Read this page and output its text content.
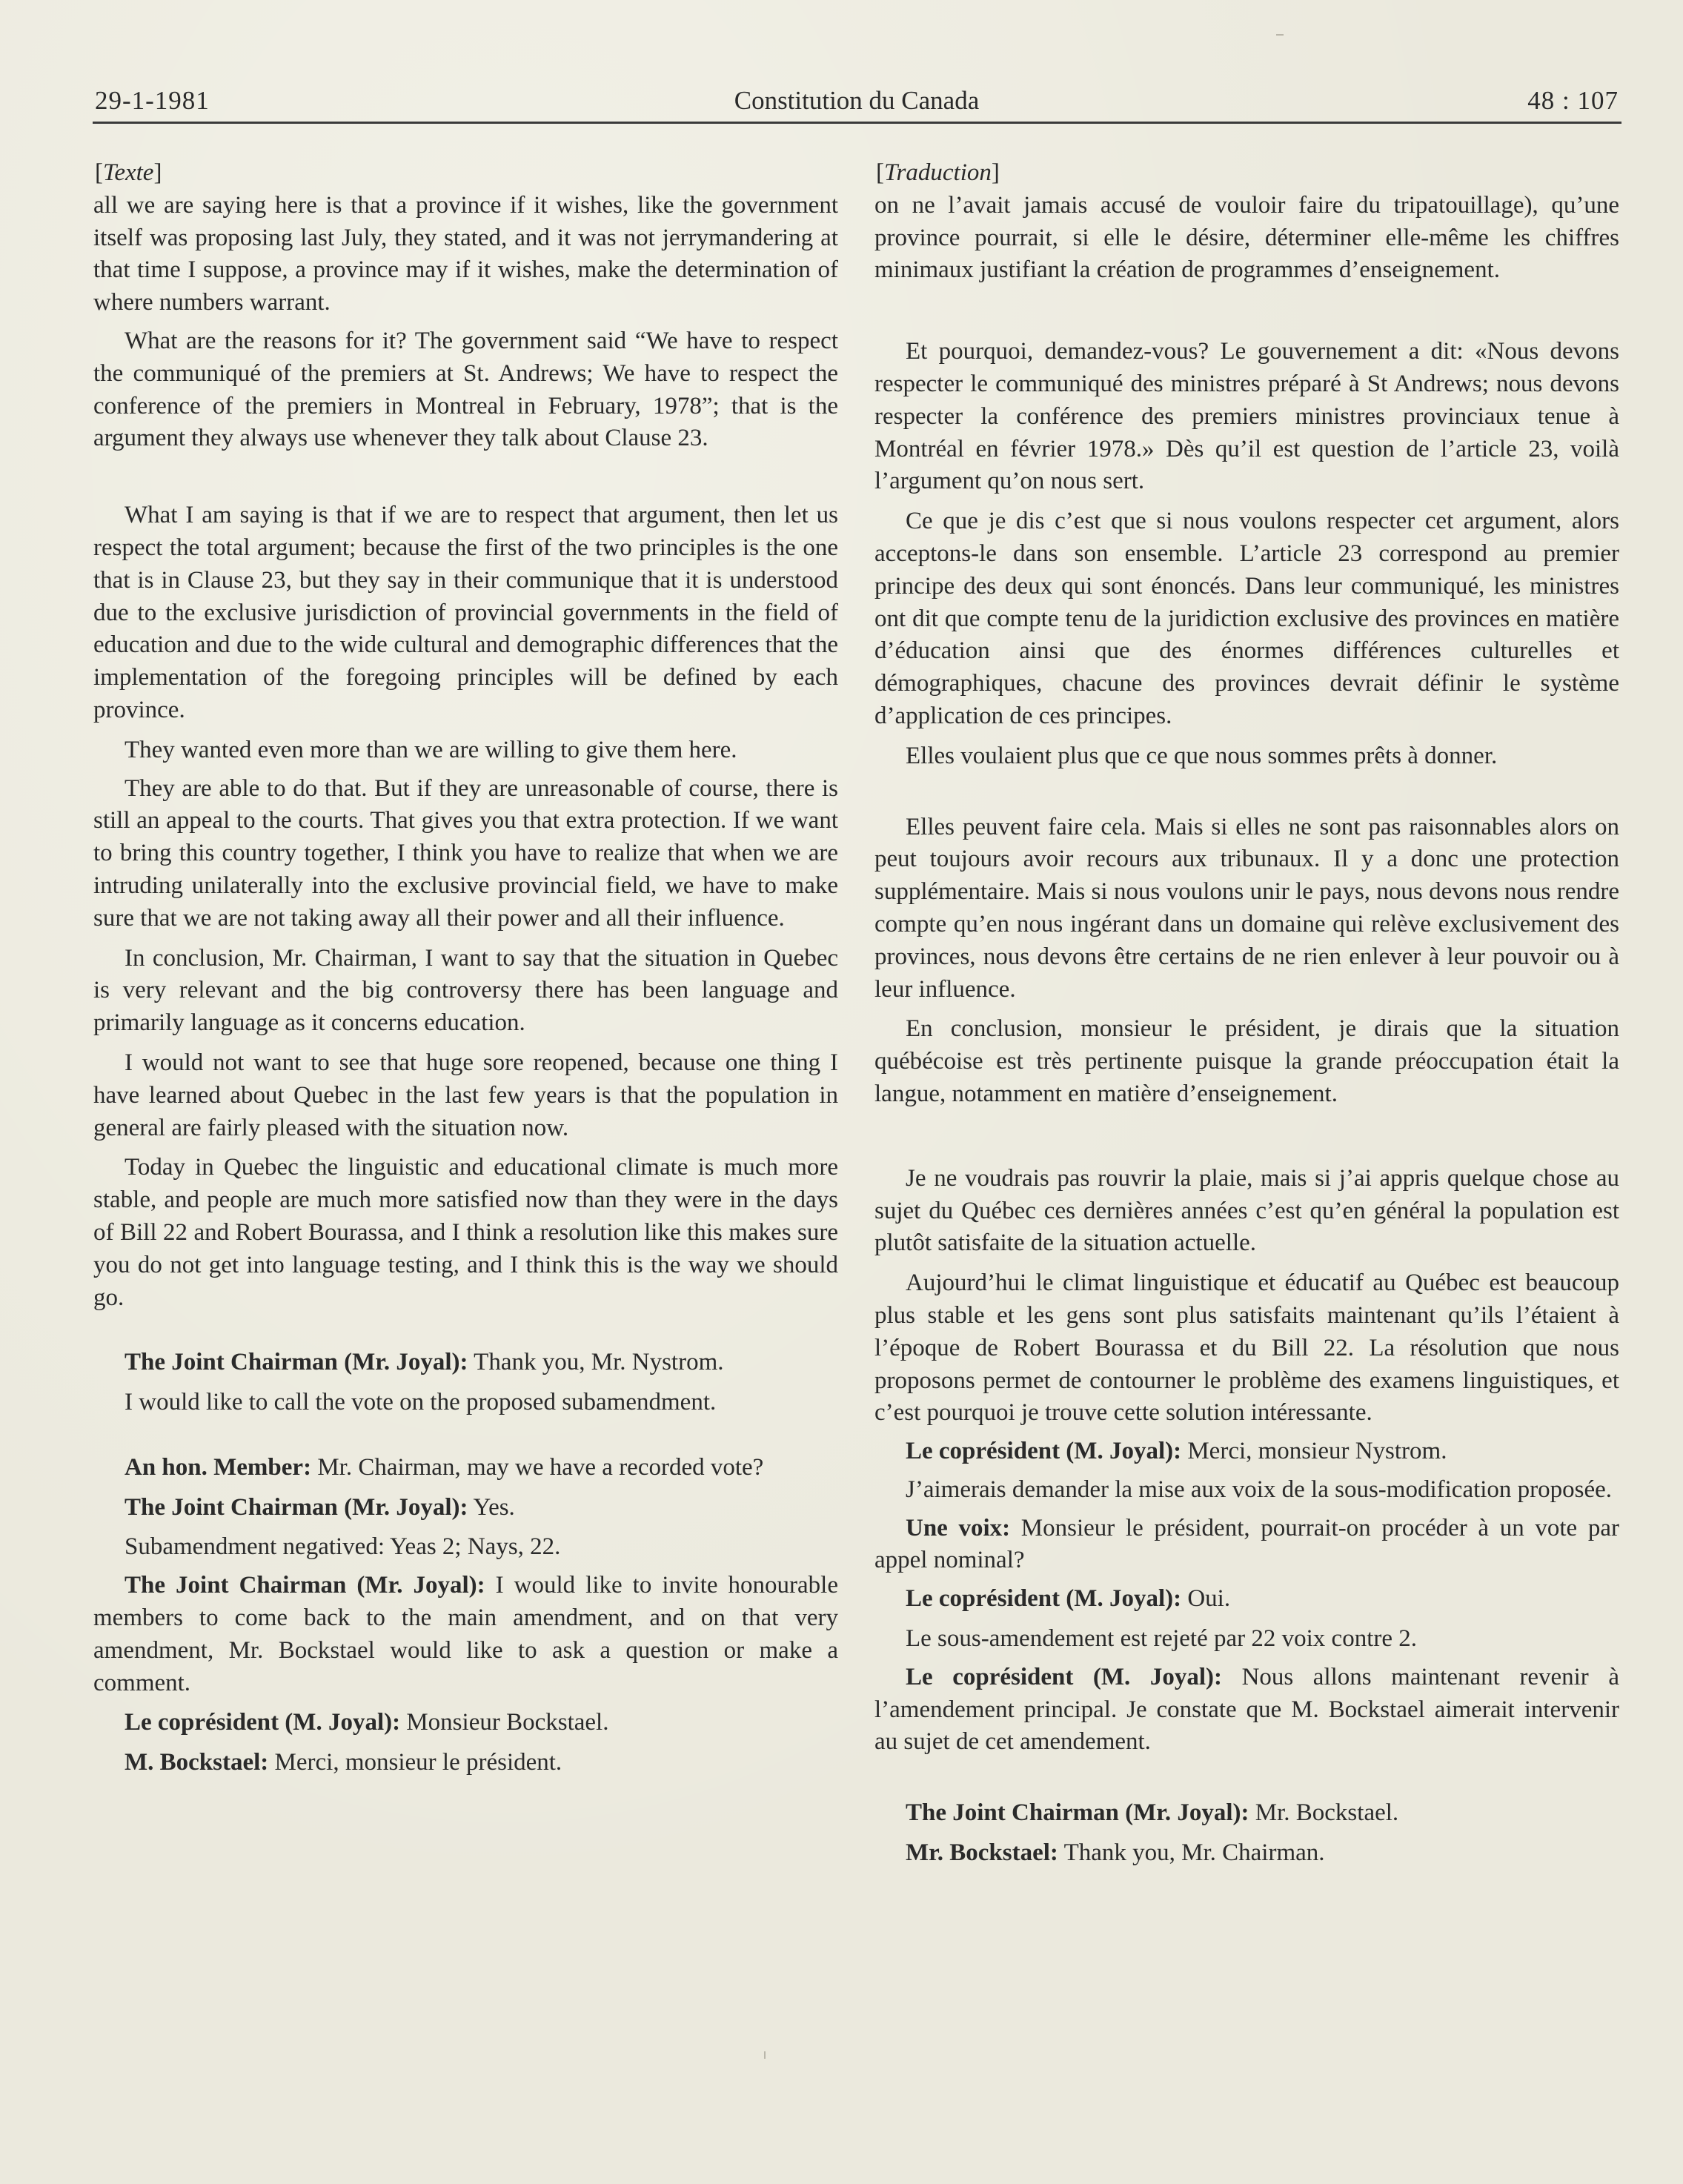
29-1-1981	Constitution du Canada	48 : 107

[Texte]

all we are saying here is that a province if it wishes, like the government itself was proposing last July, they stated, and it was not jerrymandering at that time I suppose, a province may if it wishes, make the determination of where numbers warrant.

What are the reasons for it? The government said “We have to respect the communiqué of the premiers at St. Andrews; We have to respect the conference of the premiers in Montreal in February, 1978”; that is the argument they always use whenever they talk about Clause 23.

What I am saying is that if we are to respect that argument, then let us respect the total argument; because the first of the two principles is the one that is in Clause 23, but they say in their communique that it is understood due to the exclusive jurisdiction of provincial governments in the field of education and due to the wide cultural and demographic differences that the implementation of the foregoing principles will be defined by each province.

They wanted even more than we are willing to give them here.

They are able to do that. But if they are unreasonable of course, there is still an appeal to the courts. That gives you that extra protection. If we want to bring this country together, I think you have to realize that when we are intruding unilaterally into the exclusive provincial field, we have to make sure that we are not taking away all their power and all their influence.

In conclusion, Mr. Chairman, I want to say that the situation in Quebec is very relevant and the big controversy there has been language and primarily language as it concerns education.

I would not want to see that huge sore reopened, because one thing I have learned about Quebec in the last few years is that the population in general are fairly pleased with the situation now.

Today in Quebec the linguistic and educational climate is much more stable, and people are much more satisfied now than they were in the days of Bill 22 and Robert Bourassa, and I think a resolution like this makes sure you do not get into language testing, and I think this is the way we should go.

The Joint Chairman (Mr. Joyal): Thank you, Mr. Nystrom.

I would like to call the vote on the proposed subamendment.

An hon. Member: Mr. Chairman, may we have a recorded vote?

The Joint Chairman (Mr. Joyal): Yes.

Subamendment negatived: Yeas 2; Nays, 22.

The Joint Chairman (Mr. Joyal): I would like to invite honourable members to come back to the main amendment, and on that very amendment, Mr. Bockstael would like to ask a question or make a comment.

Le coprésident (M. Joyal): Monsieur Bockstael.

M. Bockstael: Merci, monsieur le président.

[Traduction]

on ne l’avait jamais accusé de vouloir faire du tripatouillage), qu’une province pourrait, si elle le désire, déterminer elle-même les chiffres minimaux justifiant la création de programmes d’enseignement.

Et pourquoi, demandez-vous? Le gouvernement a dit: «Nous devons respecter le communiqué des ministres préparé à St Andrews; nous devons respecter la conférence des premiers ministres provinciaux tenue à Montréal en février 1978.» Dès qu’il est question de l’article 23, voilà l’argument qu’on nous sert.

Ce que je dis c’est que si nous voulons respecter cet argument, alors acceptons-le dans son ensemble. L’article 23 correspond au premier principe des deux qui sont énoncés. Dans leur communiqué, les ministres ont dit que compte tenu de la juridiction exclusive des provinces en matière d’éducation ainsi que des énormes différences culturelles et démographiques, chacune des provinces devrait définir le système d’application de ces principes.

Elles voulaient plus que ce que nous sommes prêts à donner.

Elles peuvent faire cela. Mais si elles ne sont pas raisonnables alors on peut toujours avoir recours aux tribunaux. Il y a donc une protection supplémentaire. Mais si nous voulons unir le pays, nous devons nous rendre compte qu’en nous ingérant dans un domaine qui relève exclusivement des provinces, nous devons être certains de ne rien enlever à leur pouvoir ou à leur influence.

En conclusion, monsieur le président, je dirais que la situation québécoise est très pertinente puisque la grande préoccupation était la langue, notamment en matière d’enseignement.

Je ne voudrais pas rouvrir la plaie, mais si j’ai appris quelque chose au sujet du Québec ces dernières années c’est qu’en général la population est plutôt satisfaite de la situation actuelle.

Aujourd’hui le climat linguistique et éducatif au Québec est beaucoup plus stable et les gens sont plus satisfaits maintenant qu’ils l’étaient à l’époque de Robert Bourassa et du Bill 22. La résolution que nous proposons permet de contourner le problème des examens linguistiques, et c’est pourquoi je trouve cette solution intéressante.

Le coprésident (M. Joyal): Merci, monsieur Nystrom.

J’aimerais demander la mise aux voix de la sous-modification proposée.

Une voix: Monsieur le président, pourrait-on procéder à un vote par appel nominal?

Le coprésident (M. Joyal): Oui.

Le sous-amendement est rejeté par 22 voix contre 2.

Le coprésident (M. Joyal): Nous allons maintenant revenir à l’amendement principal. Je constate que M. Bockstael aimerait intervenir au sujet de cet amendement.

The Joint Chairman (Mr. Joyal): Mr. Bockstael.

Mr. Bockstael: Thank you, Mr. Chairman.
